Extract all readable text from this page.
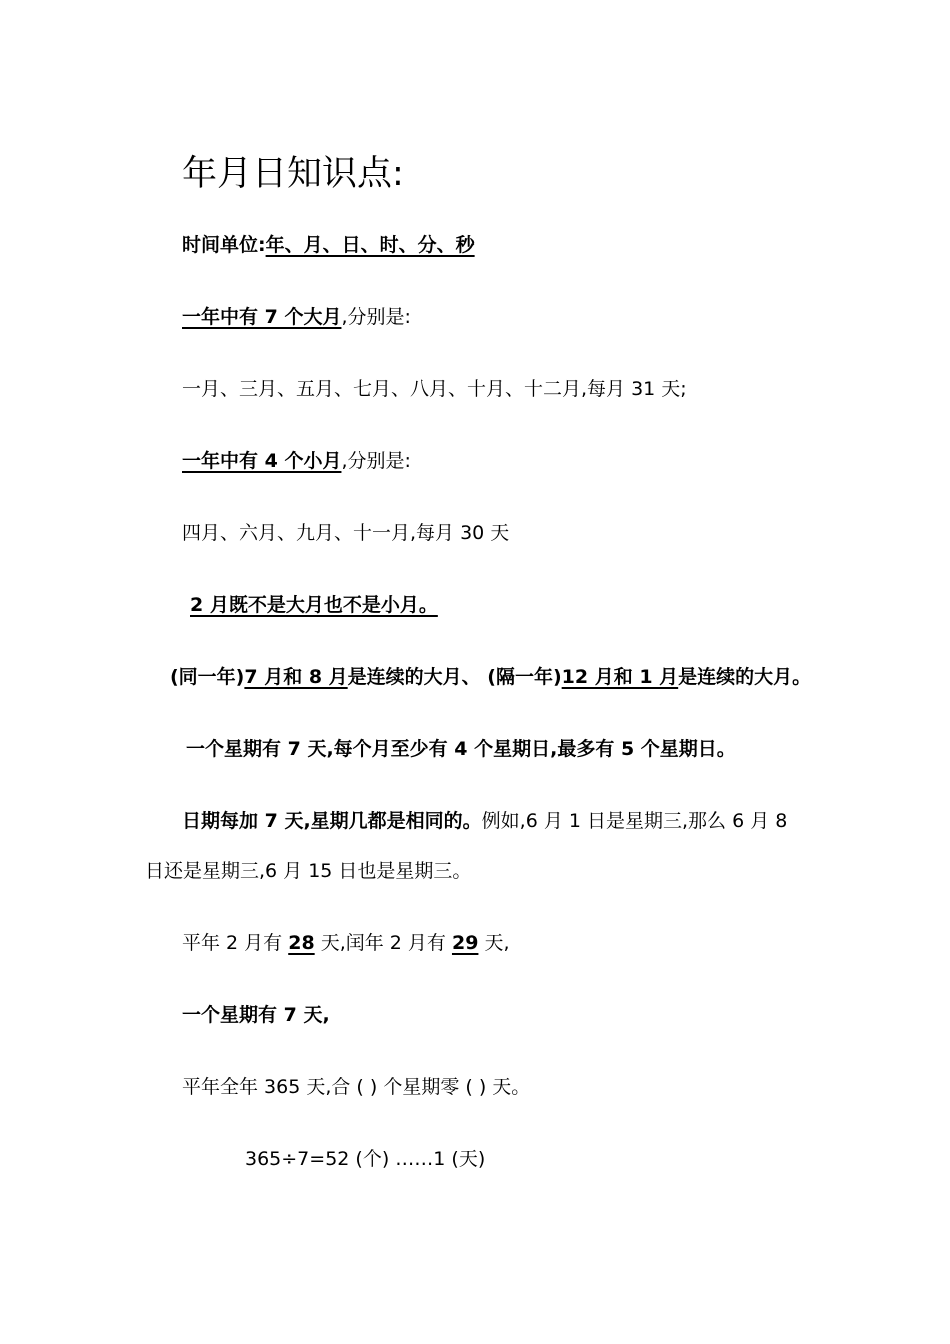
年月日知识点:
时间单位:年、月、日、时、分、秒
一年中有 7 个大月,分别是:
一月、三月、五月、七月、八月、十月、十二月,每月 31 天;
一年中有 4 个小月,分别是:
四月、六月、九月、十一月,每月 30 天
2 月既不是大月也不是小月。
(同一年)7 月和 8 月是连续的大月、 (隔一年)12 月和 1 月是连续的大月。
一个星期有 7 天,每个月至少有 4 个星期日,最多有 5 个星期日。
日期每加 7 天,星期几都是相同的。例如,6 月 1 日是星期三,那么 6 月 8
日还是星期三,6 月 15 日也是星期三。
平年 2 月有 28 天,闰年 2 月有 29 天,
一个星期有 7 天,
平年全年 365 天,合 ( ) 个星期零 ( ) 天。
365÷7=52 (个) ……1 (天)
